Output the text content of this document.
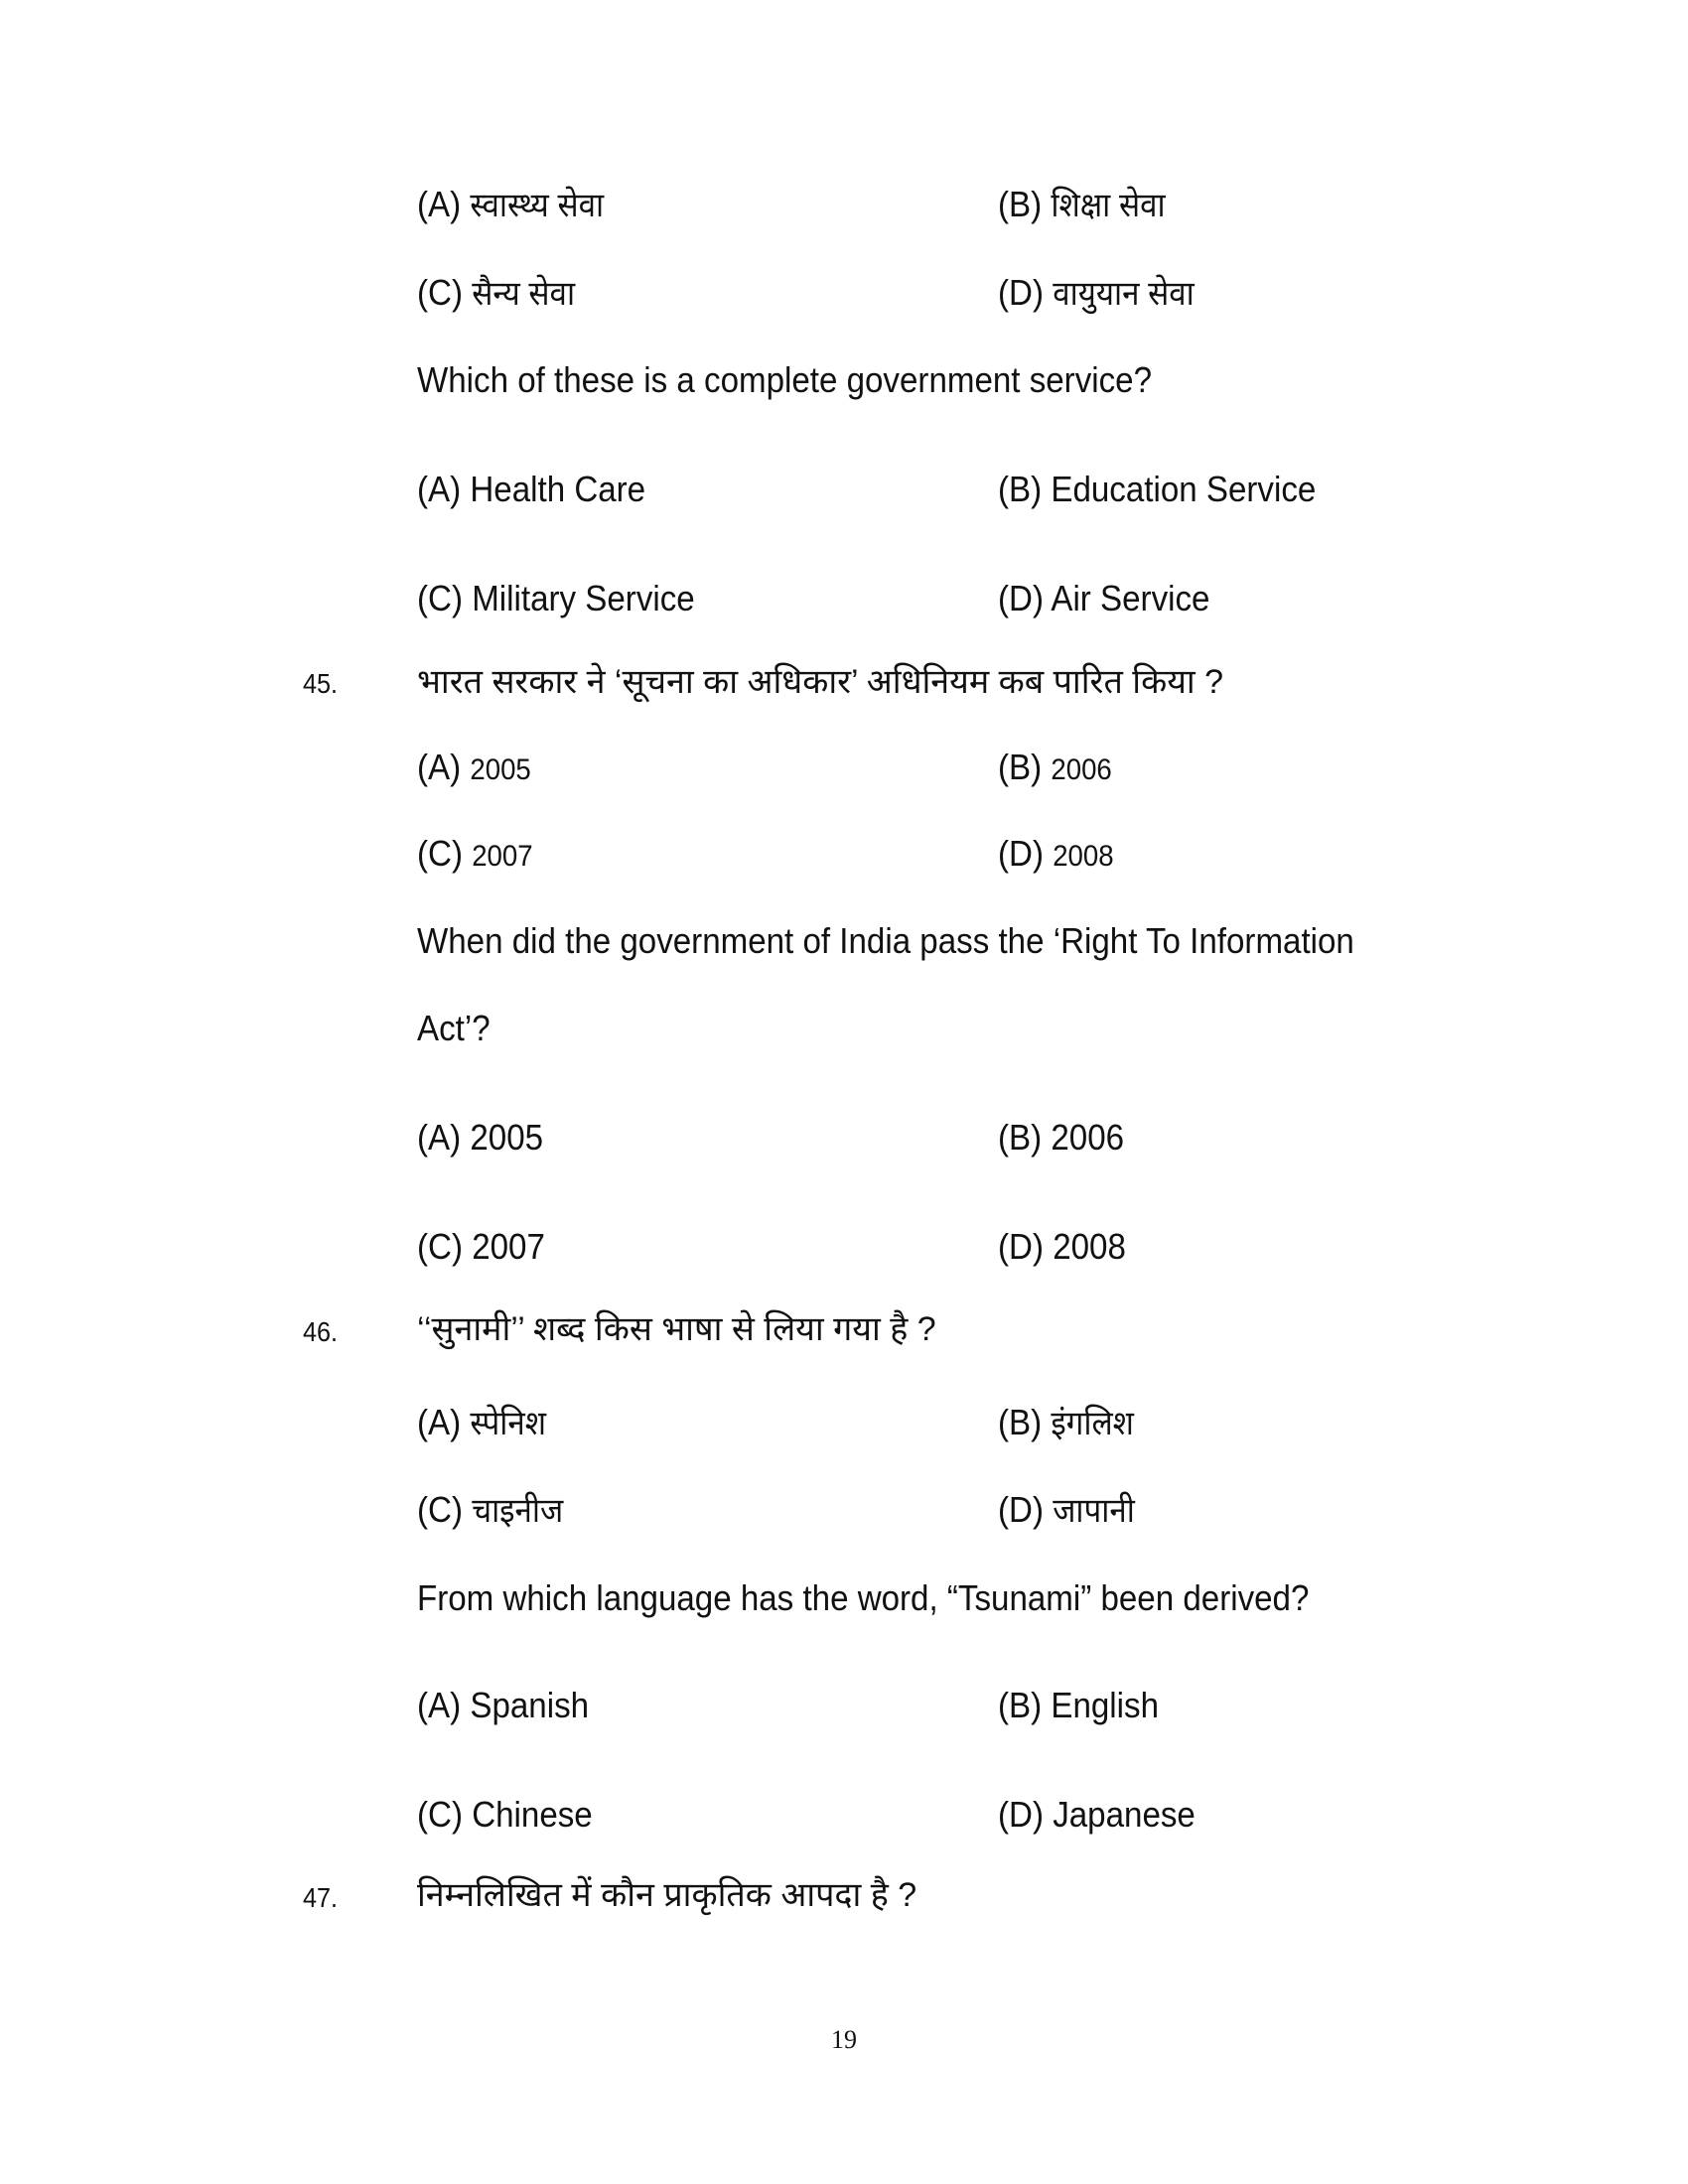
(A) स्वास्थ्य सेवा	(B) शिक्षा सेवा
(C) सैन्य सेवा	(D) वायुयान सेवा
Which of these is a complete government service?
(A) Health Care	(B) Education Service
(C) Military Service	(D) Air Service
45. भारत सरकार ने ‘सूचना का अधिकार’ अधिनियम कब पारित किया ?
(A) 2005	(B) 2006
(C) 2007	(D) 2008
When did the government of India pass the ‘Right To Information
Act’?
(A) 2005	(B) 2006
(C) 2007	(D) 2008
46. ‘‘सुनामी’’ शब्द किस भाषा से लिया गया है ?
(A) स्पेनिश	(B) इंगलिश
(C) चाइनीज	(D) जापानी
From which language has the word, “Tsunami” been derived?
(A) Spanish	(B) English
(C) Chinese	(D) Japanese
47. निम्नलिखित में कौन प्राकृतिक आपदा है ?
19
